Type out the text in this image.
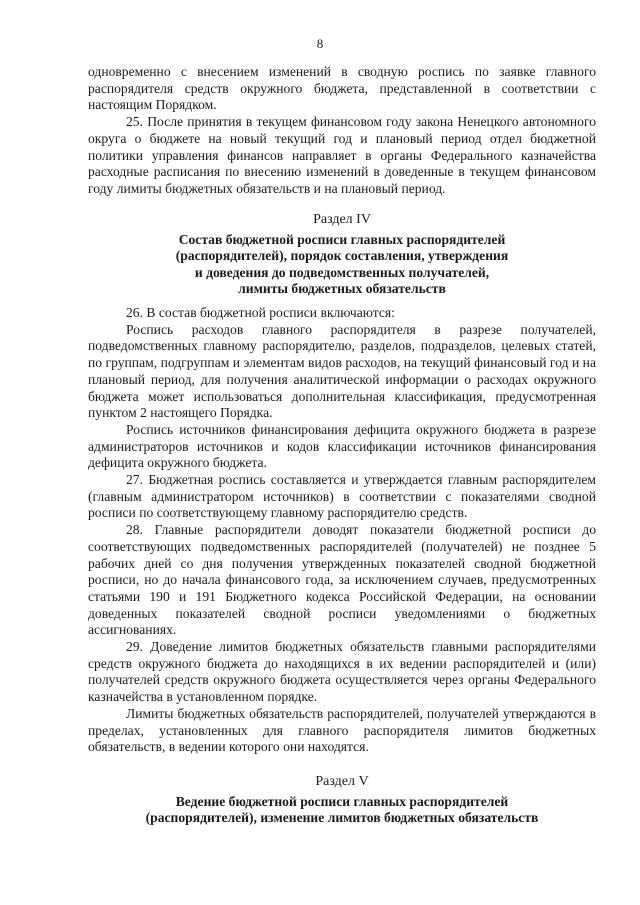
8

одновременно с внесением изменений в сводную роспись по заявке главного распорядителя средств окружного бюджета, представленной в соответствии с настоящим Порядком.

25. После принятия в текущем финансовом году закона Ненецкого автономного округа о бюджете на новый текущий год и плановый период отдел бюджетной политики управления финансов направляет в органы Федерального казначейства расходные расписания по внесению изменений в доведенные в текущем финансовом году лимиты бюджетных обязательств и на плановый период.

Раздел IV
Состав бюджетной росписи главных распорядителей
(распорядителей), порядок составления, утверждения
и доведения до подведомственных получателей,
лимиты бюджетных обязательств

26. В состав бюджетной росписи включаются:

Роспись расходов главного распорядителя в разрезе получателей, подведомственных главному распорядителю, разделов, подразделов, целевых статей, по группам, подгруппам и элементам видов расходов, на текущий финансовый год и на плановый период, для получения аналитической информации о расходах окружного бюджета может использоваться дополнительная классификация, предусмотренная пунктом 2 настоящего Порядка.

Роспись источников финансирования дефицита окружного бюджета в разрезе администраторов источников и кодов классификации источников финансирования дефицита окружного бюджета.

27. Бюджетная роспись составляется и утверждается главным распорядителем (главным администратором источников) в соответствии с показателями сводной росписи по соответствующему главному распорядителю средств.

28. Главные распорядители доводят показатели бюджетной росписи до соответствующих подведомственных распорядителей (получателей) не позднее 5 рабочих дней со дня получения утвержденных показателей сводной бюджетной росписи, но до начала финансового года, за исключением случаев, предусмотренных статьями 190 и 191 Бюджетного кодекса Российской Федерации, на основании доведенных показателей сводной росписи уведомлениями о бюджетных ассигнованиях.

29. Доведение лимитов бюджетных обязательств главными распорядителями средств окружного бюджета до находящихся в их ведении распорядителей и (или) получателей средств окружного бюджета осуществляется через органы Федерального казначейства в установленном порядке.

Лимиты бюджетных обязательств распорядителей, получателей утверждаются в пределах, установленных для главного распорядителя лимитов бюджетных обязательств, в ведении которого они находятся.

Раздел V
Ведение бюджетной росписи главных распорядителей
(распорядителей), изменение лимитов бюджетных обязательств
